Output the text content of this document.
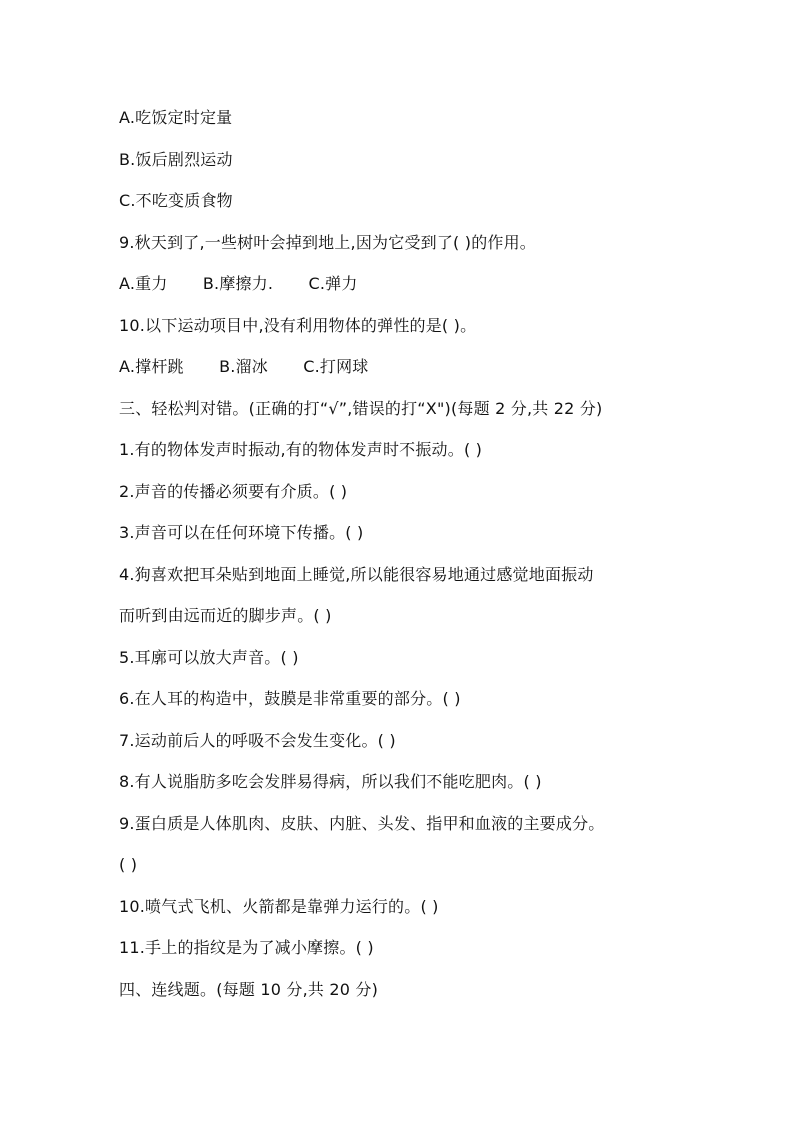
A.吃饭定时定量
B.饭后剧烈运动
C.不吃变质食物
9.秋天到了,一些树叶会掉到地上,因为它受到了( )的作用。
A.重力 B.摩擦力. C.弹力
10.以下运动项目中,没有利用物体的弹性的是( )。
A.撑杆跳 B.溜冰 C.打网球
三、轻松判对错。(正确的打“√”,错误的打“X")(每题 2 分,共 22 分)
1.有的物体发声时振动,有的物体发声时不振动。( )
2.声音的传播必须要有介质。( )
3.声音可以在任何环境下传播。( )
4.狗喜欢把耳朵贴到地面上睡觉,所以能很容易地通过感觉地面振动
而听到由远而近的脚步声。( )
5.耳廓可以放大声音。( )
6.在人耳的构造中，鼓膜是非常重要的部分。( )
7.运动前后人的呼吸不会发生变化。( )
8.有人说脂肪多吃会发胖易得病，所以我们不能吃肥肉。( )
9.蛋白质是人体肌肉、皮肤、内脏、头发、指甲和血液的主要成分。
( )
10.喷气式飞机、火箭都是靠弹力运行的。( )
11.手上的指纹是为了减小摩擦。( )
四、连线题。(每题 10 分,共 20 分)
